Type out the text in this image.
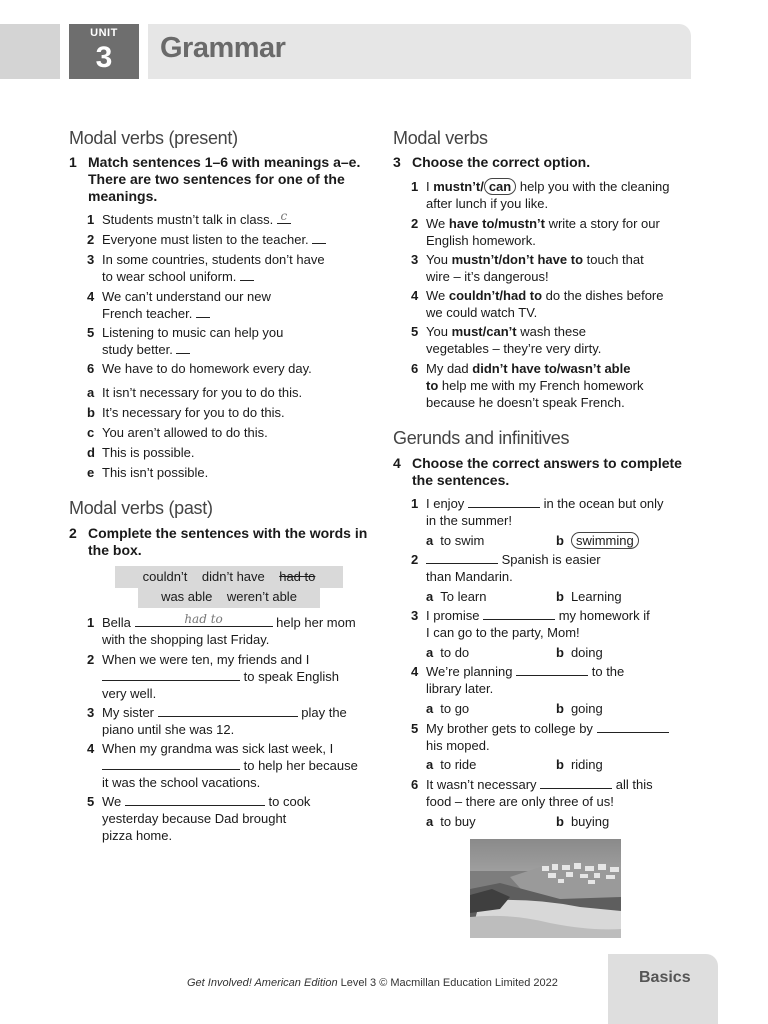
UNIT
3	Grammar
Modal verbs (present)
1 Match sentences 1–6 with meanings a–e.
There are two sentences for one of the
meanings.
1 Students mustn’t talk in class. c
2 Everyone must listen to the teacher.
3 In some countries, students don’t have
to wear school uniform.
4 We can’t understand our new
French teacher.
5 Listening to music can help you
study better.
6 We have to do homework every day.
a It isn’t necessary for you to do this.
b It’s necessary for you to do this.
c You aren’t allowed to do this.
d This is possible.
e This isn’t possible.
Modal verbs (past)
2 Complete the sentences with the words in
the box.
couldn’t didn’t have had to
was able weren’t able
1 Bella	had to	help her mom
with the shopping last Friday.
2 When we were ten, my friends and I
to speak English
very well.
3 My sister	play the
piano until she was 12.
4 When my grandma was sick last week, I
to help her because
it was the school vacations.
5 We	to cook
yesterday because Dad brought
pizza home.
Modal verbs
3 Choose the correct option.
1 I mustn’t/ can help you with the cleaning
after lunch if you like.
2 We have to/mustn’t write a story for our
English homework.
3 You mustn’t/don’t have to touch that
wire – it’s dangerous!
4 We couldn’t/had to do the dishes before
we could watch TV.
5 You must/can’t wash these
vegetables – they’re very dirty.
6 My dad didn’t have to/wasn’t able
to help me with my French homework
because he doesn’t speak French.
Gerunds and infinitives
4 Choose the correct answers to complete
the sentences.
1 I enjoy	in the ocean but only
in the summer!
a to swim	b swimming
2	Spanish is easier
than Mandarin.
a To learn	b Learning
3 I promise	my homework if
I can go to the party, Mom!
a to do	b doing
4 We’re planning	to the
library later.
a to go	b going
5 My brother gets to college by
his moped.
a to ride	b riding
6 It wasn’t necessary	all this
food – there are only three of us!
a to buy	b buying
Get Involved! American Edition Level 3 © Macmillan Education Limited 2022	Basics
